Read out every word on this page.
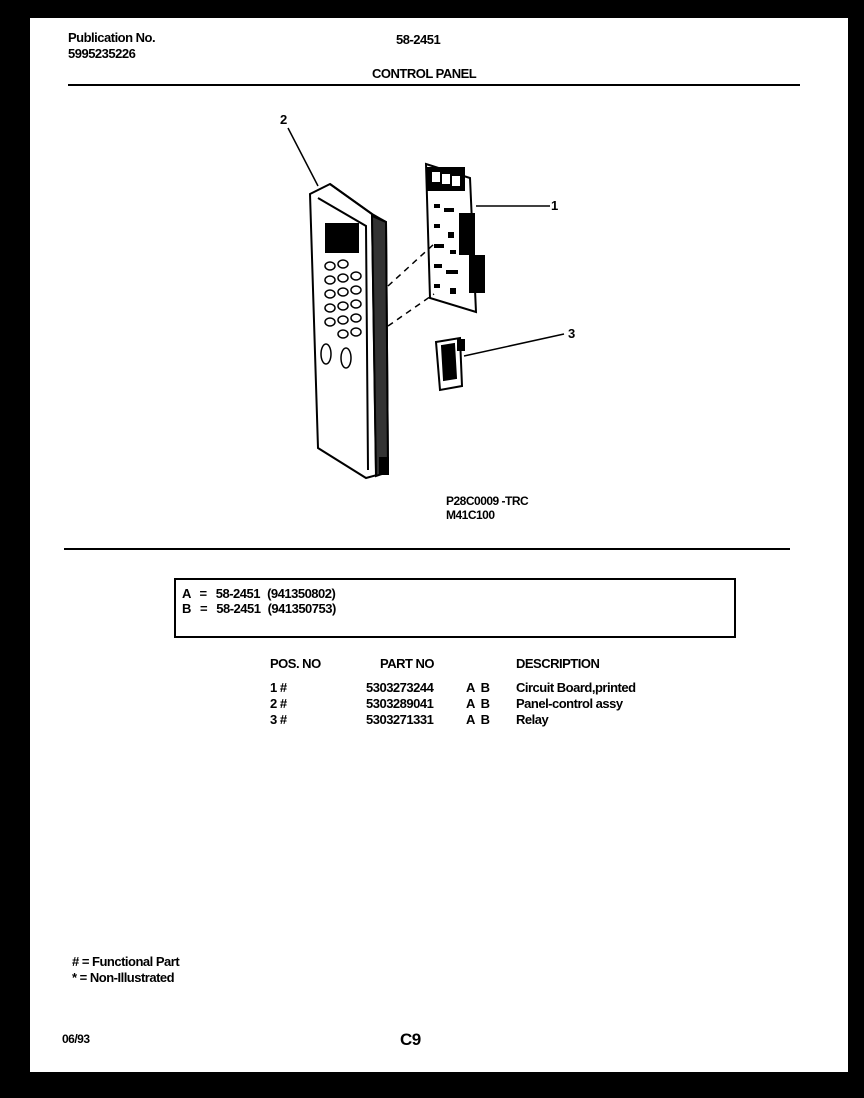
Publication No.
5995235226
58-2451
CONTROL PANEL
2
1
3
P28C0009 -TRC
M41C100
A = 58-2451 (941350802)
B = 58-2451 (941350753)
POS. NO	PART NO	DESCRIPTION
1 #	5303273244	A  B Circuit Board,printed
2 #	5303289041	A  B Panel-control assy
3 #	5303271331	A  B Relay
# = Functional Part
* = Non-Illustrated
06/93	C9
